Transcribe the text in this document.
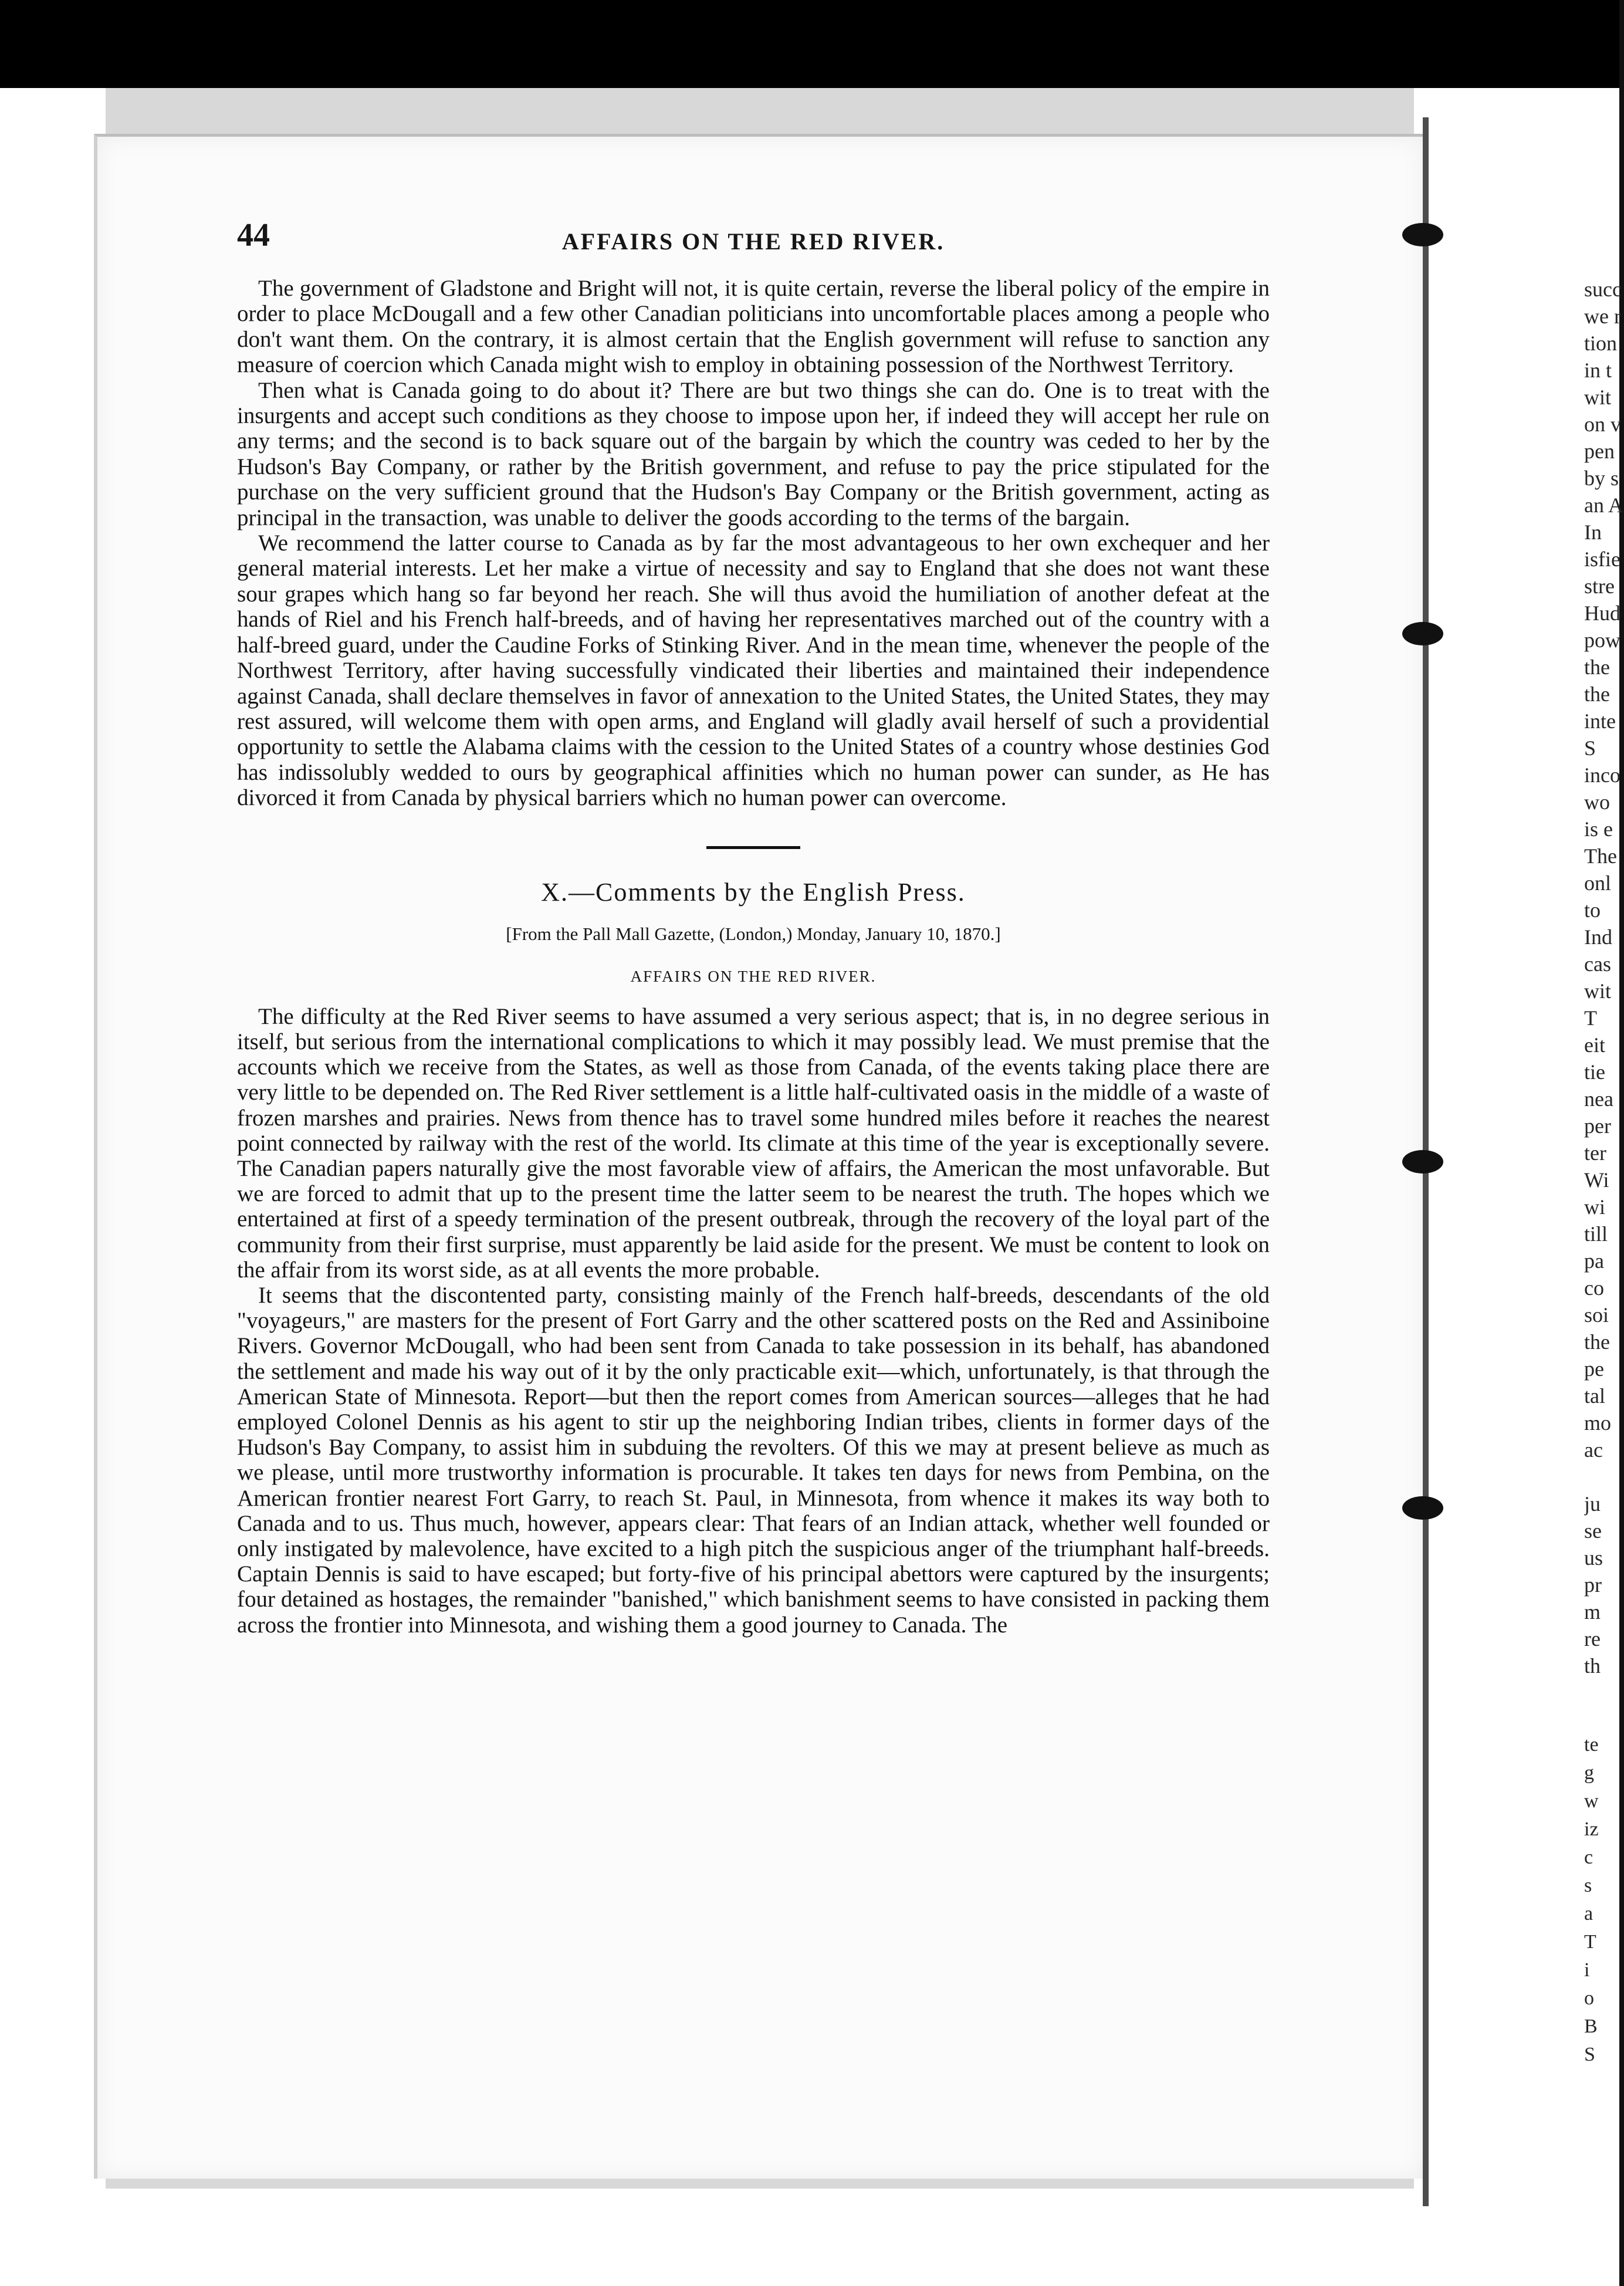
44	AFFAIRS ON THE RED RIVER.

The government of Gladstone and Bright will not, it is quite certain, reverse the liberal policy of the empire in order to place McDougall and a few other Canadian politicians into uncomfortable places among a people who don't want them. On the contrary, it is almost certain that the English government will refuse to sanction any measure of coercion which Canada might wish to employ in obtaining possession of the Northwest Territory.

Then what is Canada going to do about it? There are but two things she can do. One is to treat with the insurgents and accept such conditions as they choose to impose upon her, if indeed they will accept her rule on any terms; and the second is to back square out of the bargain by which the country was ceded to her by the Hudson's Bay Company, or rather by the British government, and refuse to pay the price stipulated for the purchase on the very sufficient ground that the Hudson's Bay Company or the British government, acting as principal in the transaction, was unable to deliver the goods according to the terms of the bargain.

We recommend the latter course to Canada as by far the most advantageous to her own exchequer and her general material interests. Let her make a virtue of necessity and say to England that she does not want these sour grapes which hang so far beyond her reach. She will thus avoid the humiliation of another defeat at the hands of Riel and his French half-breeds, and of having her representatives marched out of the country with a half-breed guard, under the Caudine Forks of Stinking River. And in the mean time, whenever the people of the Northwest Territory, after having successfully vindicated their liberties and maintained their independence against Canada, shall declare themselves in favor of annexation to the United States, the United States, they may rest assured, will welcome them with open arms, and England will gladly avail herself of such a providential opportunity to settle the Alabama claims with the cession to the United States of a country whose destinies God has indissolubly wedded to ours by geographical affinities which no human power can sunder, as He has divorced it from Canada by physical barriers which no human power can overcome.

X.—Comments by the English Press.
[From the Pall Mall Gazette, (London,) Monday, January 10, 1870.]
AFFAIRS ON THE RED RIVER.

The difficulty at the Red River seems to have assumed a very serious aspect; that is, in no degree serious in itself, but serious from the international complications to which it may possibly lead. We must premise that the accounts which we receive from the States, as well as those from Canada, of the events taking place there are very little to be depended on. The Red River settlement is a little half-cultivated oasis in the middle of a waste of frozen marshes and prairies. News from thence has to travel some hundred miles before it reaches the nearest point connected by railway with the rest of the world. Its climate at this time of the year is exceptionally severe. The Canadian papers naturally give the most favorable view of affairs, the American the most unfavorable. But we are forced to admit that up to the present time the latter seem to be nearest the truth. The hopes which we entertained at first of a speedy termination of the present outbreak, through the recovery of the loyal part of the community from their first surprise, must apparently be laid aside for the present. We must be content to look on the affair from its worst side, as at all events the more probable.

It seems that the discontented party, consisting mainly of the French half-breeds, descendants of the old "voyageurs," are masters for the present of Fort Garry and the other scattered posts on the Red and Assiniboine Rivers. Governor McDougall, who had been sent from Canada to take possession in its behalf, has abandoned the settlement and made his way out of it by the only practicable exit—which, unfortunately, is that through the American State of Minnesota. Report—but then the report comes from American sources—alleges that he had employed Colonel Dennis as his agent to stir up the neighboring Indian tribes, clients in former days of the Hudson's Bay Company, to assist him in subduing the revolters. Of this we may at present believe as much as we please, until more trustworthy information is procurable. It takes ten days for news from Pembina, on the American frontier nearest Fort Garry, to reach St. Paul, in Minnesota, from whence it makes its way both to Canada and to us. Thus much, however, appears clear: That fears of an Indian attack, whether well founded or only instigated by malevolence, have excited to a high pitch the suspicious anger of the triumphant half-breeds. Captain Dennis is said to have escaped; but forty-five of his principal abettors were captured by the insurgents; four detained as hostages, the remainder "banished," which banishment seems to have consisted in packing them across the frontier into Minnesota, and wishing them a good journey to Canada. The

succ
we r
tion
in t
wit
on v
pen
by s
an A
In
isfie
stre
Hud
pow
the
the
inte
S
inco
wo
is e
The
onl
to
Ind
cas
wit
T
eit
tie
nea
per
ter
Wi
wi
till
pa
co
soi
the
pe
tal
mo
ac

ju
se
us
pr
m
re
th
te
g
w
iz
c
s
a
T
i
o
B
S
